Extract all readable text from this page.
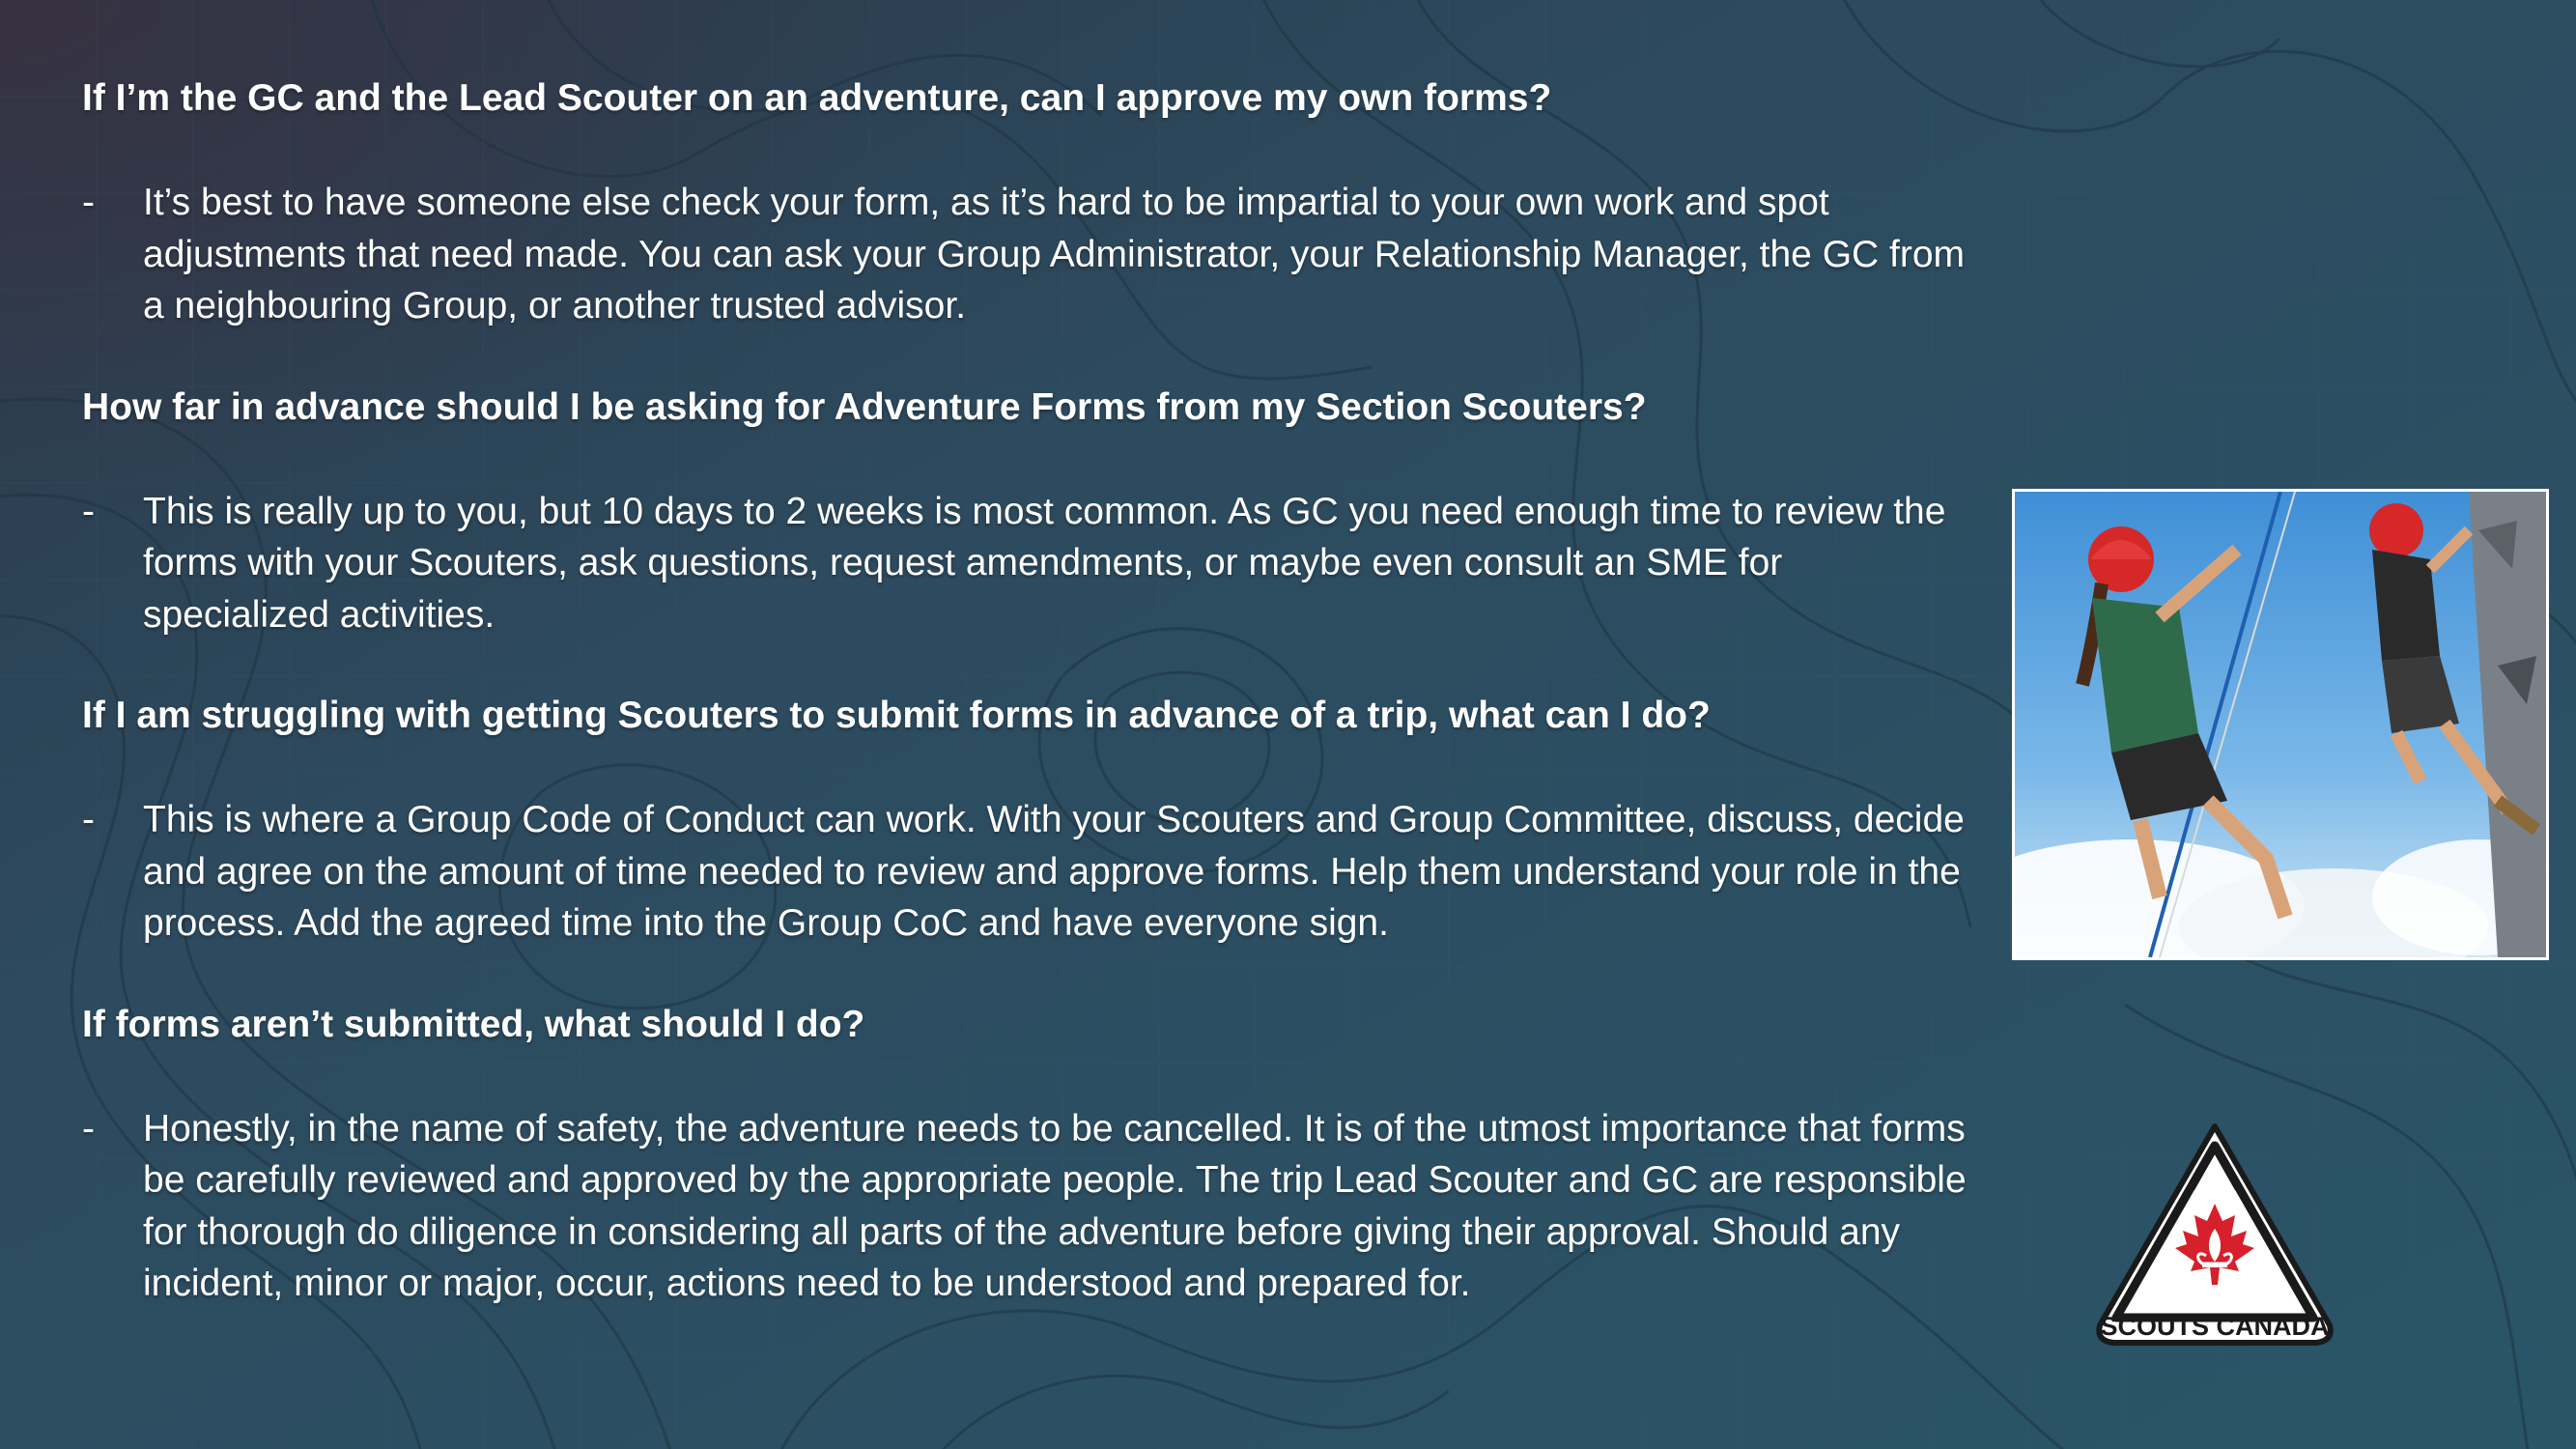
If I’m the GC and the Lead Scouter on an adventure, can I approve my own forms?

- It’s best to have someone else check your form, as it’s hard to be impartial to your own work and spot adjustments that need made. You can ask your Group Administrator, your Relationship Manager, the GC from a neighbouring Group, or another trusted advisor.

How far in advance should I be asking for Adventure Forms from my Section Scouters?

- This is really up to you, but 10 days to 2 weeks is most common. As GC you need enough time to review the forms with your Scouters, ask questions, request amendments, or maybe even consult an SME for specialized activities.

If I am struggling with getting Scouters to submit forms in advance of a trip, what can I do?

- This is where a Group Code of Conduct can work. With your Scouters and Group Committee, discuss, decide and agree on the amount of time needed to review and approve forms. Help them understand your role in the process. Add the agreed time into the Group CoC and have everyone sign.

If forms aren’t submitted, what should I do?

- Honestly, in the name of safety, the adventure needs to be cancelled. It is of the utmost importance that forms be carefully reviewed and approved by the appropriate people. The trip Lead Scouter and GC are responsible for thorough do diligence in considering all parts of the adventure before giving their approval. Should any incident, minor or major, occur, actions need to be understood and prepared for.
SCOUTS CANADA
